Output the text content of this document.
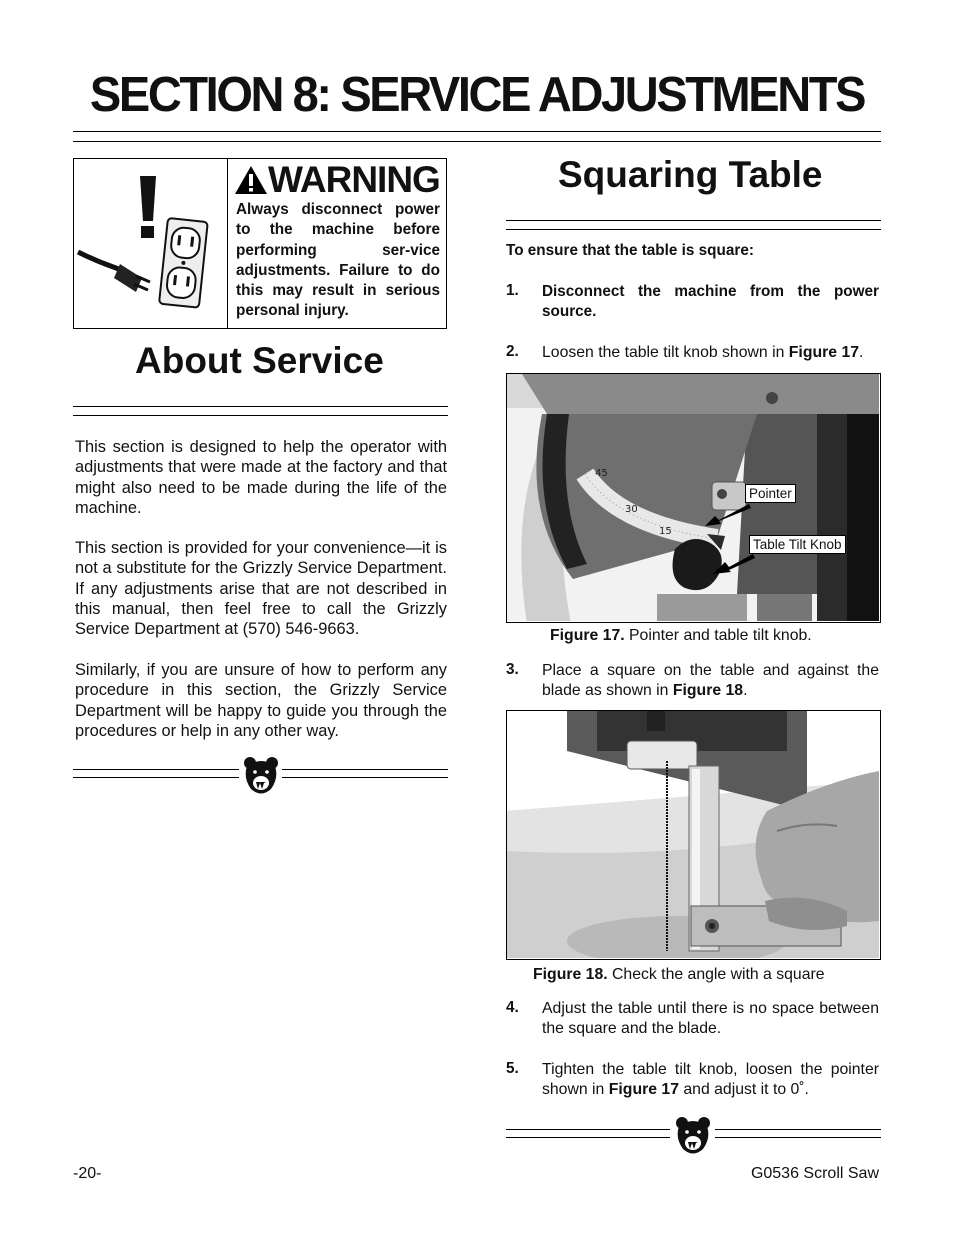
SECTION 8: SERVICE ADJUSTMENTS
WARNING
Always disconnect power to the machine before performing ser-vice adjustments. Failure to do this may result in serious personal injury.
About Service
This section is designed to help the operator with adjustments that were made at the factory and that might also need to be made during the life of the machine.
This section is provided for your convenience—it is not a substitute for the Grizzly Service Department. If any adjustments arise that are not described in this manual, then feel free to call the Grizzly Service Department at (570) 546-9663.
Similarly, if you are unsure of how to perform any procedure in this section, the Grizzly Service Department will be happy to guide you through the procedures or help in any other way.
Squaring Table
To ensure that the table is square:
1. Disconnect the machine from the power source.
2. Loosen the table tilt knob shown in Figure 17.
45
30
15
Pointer
Table Tilt Knob
Figure 17. Pointer and table tilt knob.
3. Place a square on the table and against the blade as shown in Figure 18.
Figure 18. Check the angle with a square
4. Adjust the table until there is no space between the square and the blade.
5. Tighten the table tilt knob, loosen the pointer shown in Figure 17 and adjust it to 0˚.
-20-	G0536 Scroll Saw
